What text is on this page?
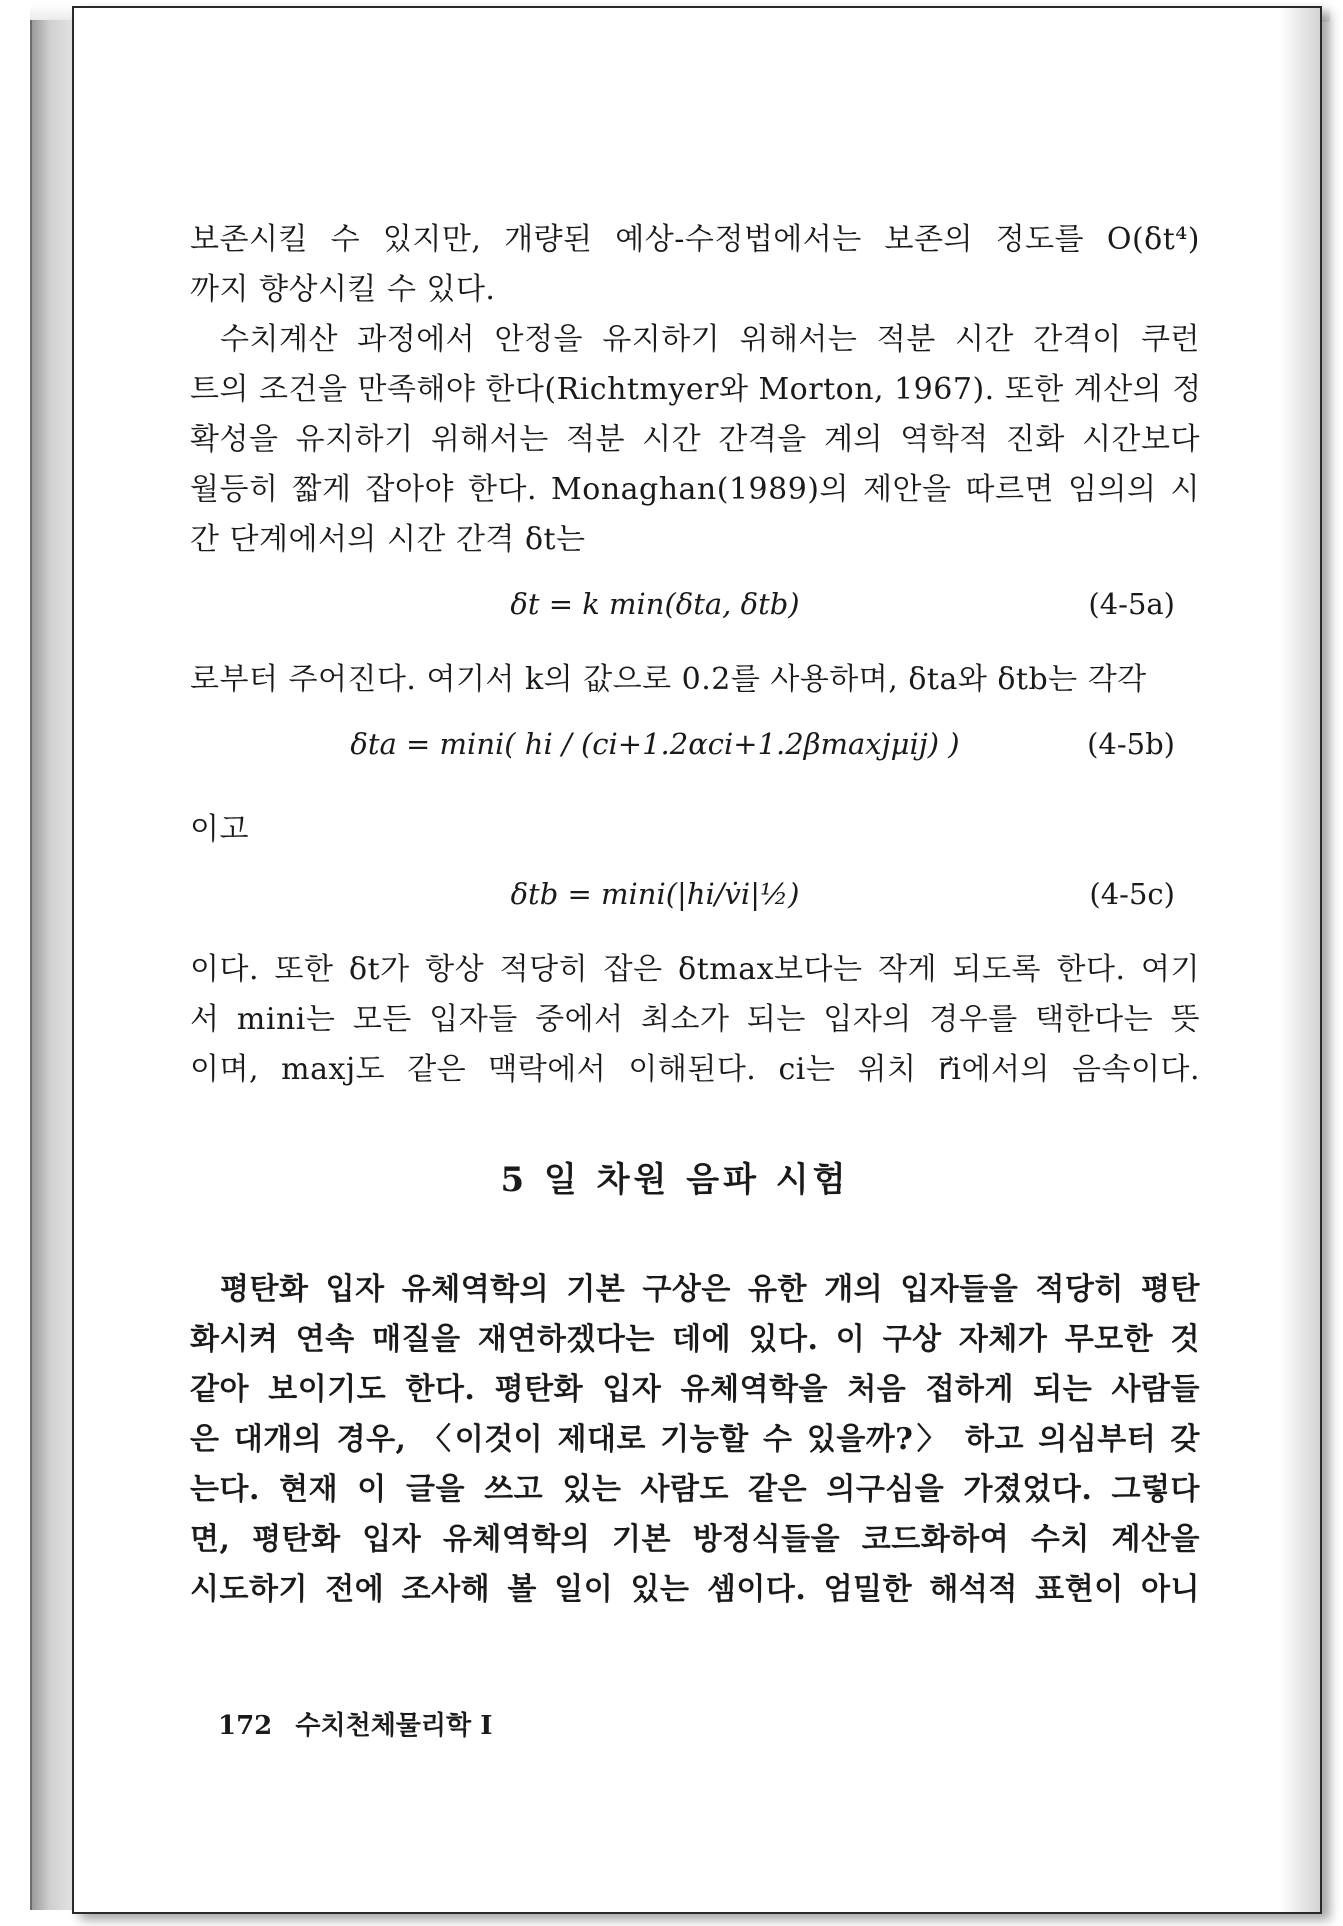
보존시킬 수 있지만, 개량된 예상-수정법에서는 보존의 정도를 O(δt⁴)
까지 향상시킬 수 있다.
수치계산 과정에서 안정을 유지하기 위해서는 적분 시간 간격이 쿠런
트의 조건을 만족해야 한다(Richtmyer와 Morton, 1967). 또한 계산의 정
확성을 유지하기 위해서는 적분 시간 간격을 계의 역학적 진화 시간보다
월등히 짧게 잡아야 한다. Monaghan(1989)의 제안을 따르면 임의의 시
간 단계에서의 시간 간격 δt는
δt = k min(δta, δtb)	(4-5a)
로부터 주어진다. 여기서 k의 값으로 0.2를 사용하며, δta와 δtb는 각각
δta = mini( hi / (ci+1.2αci+1.2βmaxjμij) )	(4-5b)
이고
δtb = mini(|hi/v̇i|½)	(4-5c)
이다. 또한 δt가 항상 적당히 잡은 δtmax보다는 작게 되도록 한다. 여기
서 mini는 모든 입자들 중에서 최소가 되는 입자의 경우를 택한다는 뜻
이며, maxj도 같은 맥락에서 이해된다. ci는 위치 r⃗i에서의 음속이다.
5 일 차원 음파 시험
평탄화 입자 유체역학의 기본 구상은 유한 개의 입자들을 적당히 평탄
화시켜 연속 매질을 재연하겠다는 데에 있다. 이 구상 자체가 무모한 것
같아 보이기도 한다. 평탄화 입자 유체역학을 처음 접하게 되는 사람들
은 대개의 경우, 〈이것이 제대로 기능할 수 있을까?〉 하고 의심부터 갖
는다. 현재 이 글을 쓰고 있는 사람도 같은 의구심을 가졌었다. 그렇다
면, 평탄화 입자 유체역학의 기본 방정식들을 코드화하여 수치 계산을
시도하기 전에 조사해 볼 일이 있는 셈이다. 엄밀한 해석적 표현이 아니
172 수치천체물리학 I
